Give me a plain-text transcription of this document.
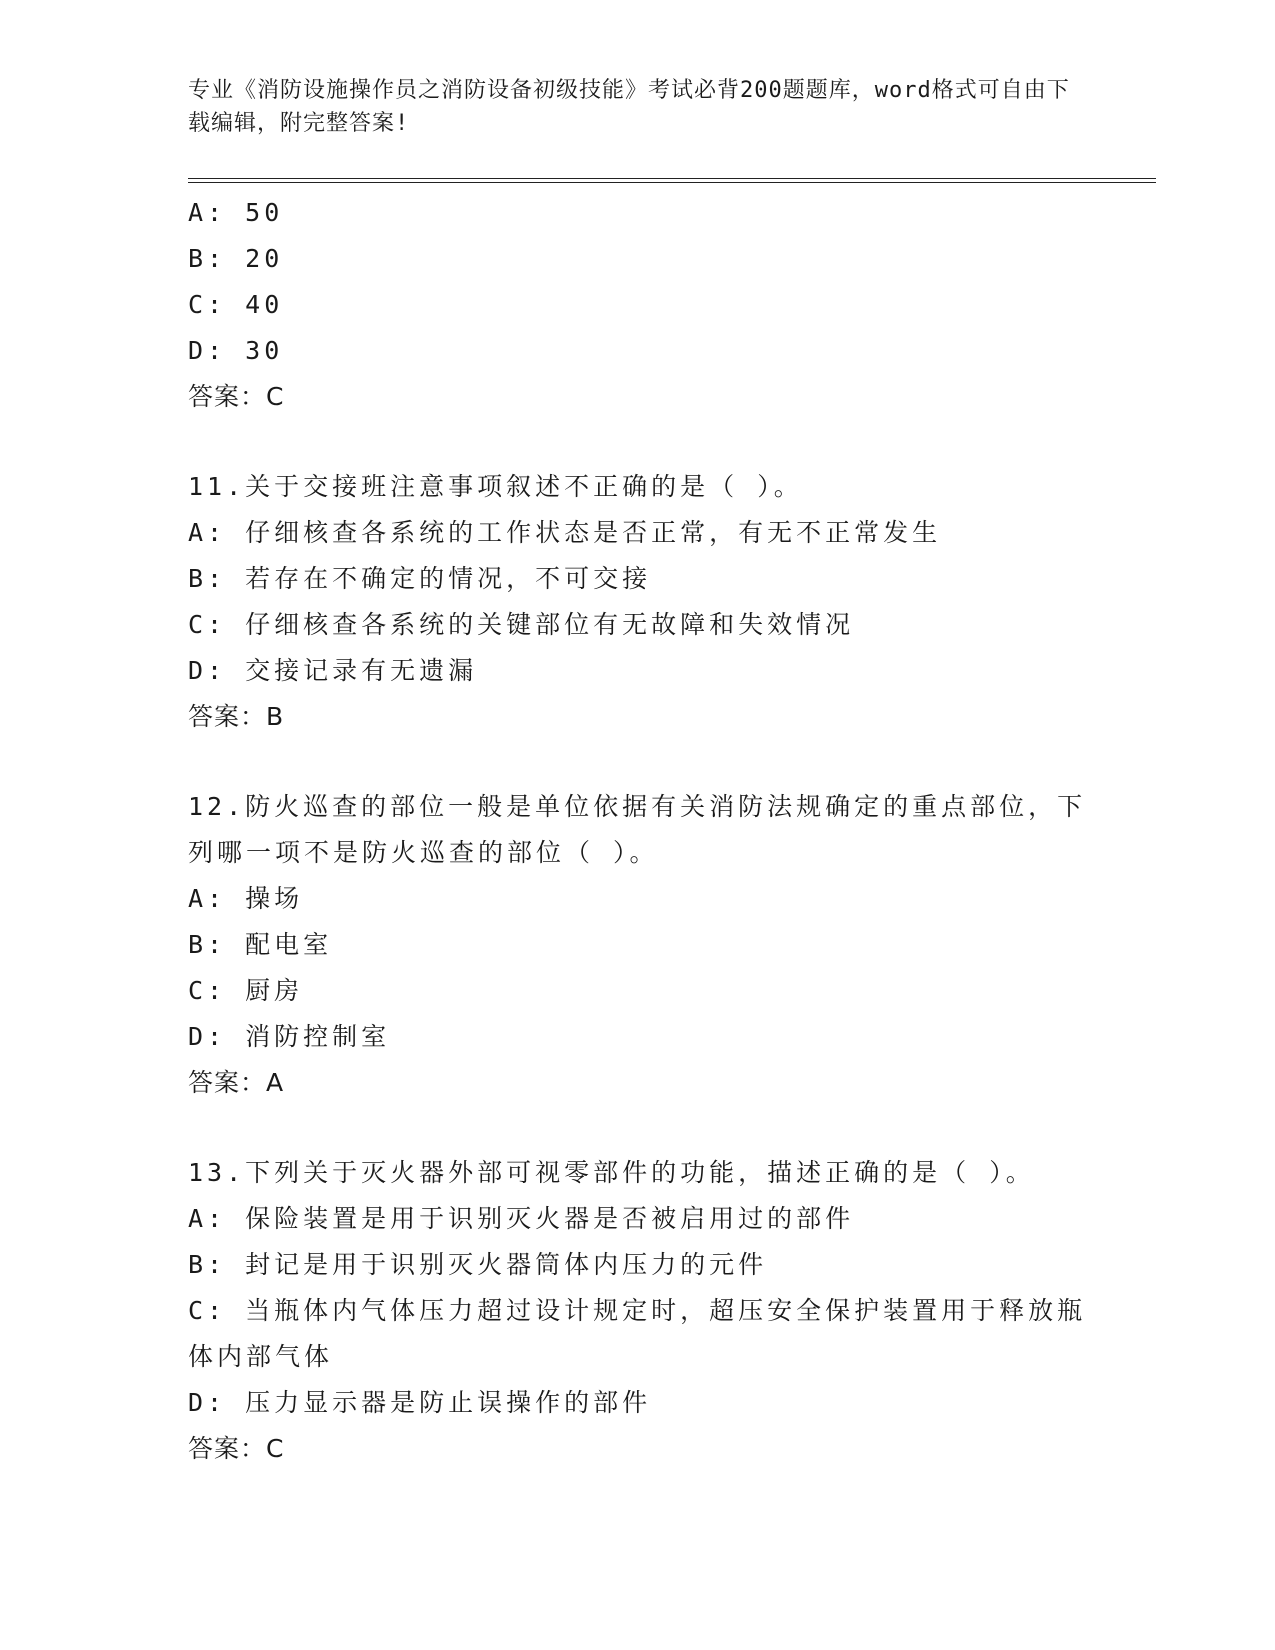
专业《消防设施操作员之消防设备初级技能》考试必背200题题库，word格式可自由下载编辑，附完整答案!
A: 50
B: 20
C: 40
D: 30
答案：C
11.关于交接班注意事项叙述不正确的是（ ）。
A: 仔细核查各系统的工作状态是否正常，有无不正常发生
B: 若存在不确定的情况，不可交接
C: 仔细核查各系统的关键部位有无故障和失效情况
D: 交接记录有无遗漏
答案：B
12.防火巡查的部位一般是单位依据有关消防法规确定的重点部位，下列哪一项不是防火巡查的部位（ ）。
A: 操场
B: 配电室
C: 厨房
D: 消防控制室
答案：A
13.下列关于灭火器外部可视零部件的功能，描述正确的是（ ）。
A: 保险装置是用于识别灭火器是否被启用过的部件
B: 封记是用于识别灭火器筒体内压力的元件
C: 当瓶体内气体压力超过设计规定时，超压安全保护装置用于释放瓶体内部气体
D: 压力显示器是防止误操作的部件
答案：C
